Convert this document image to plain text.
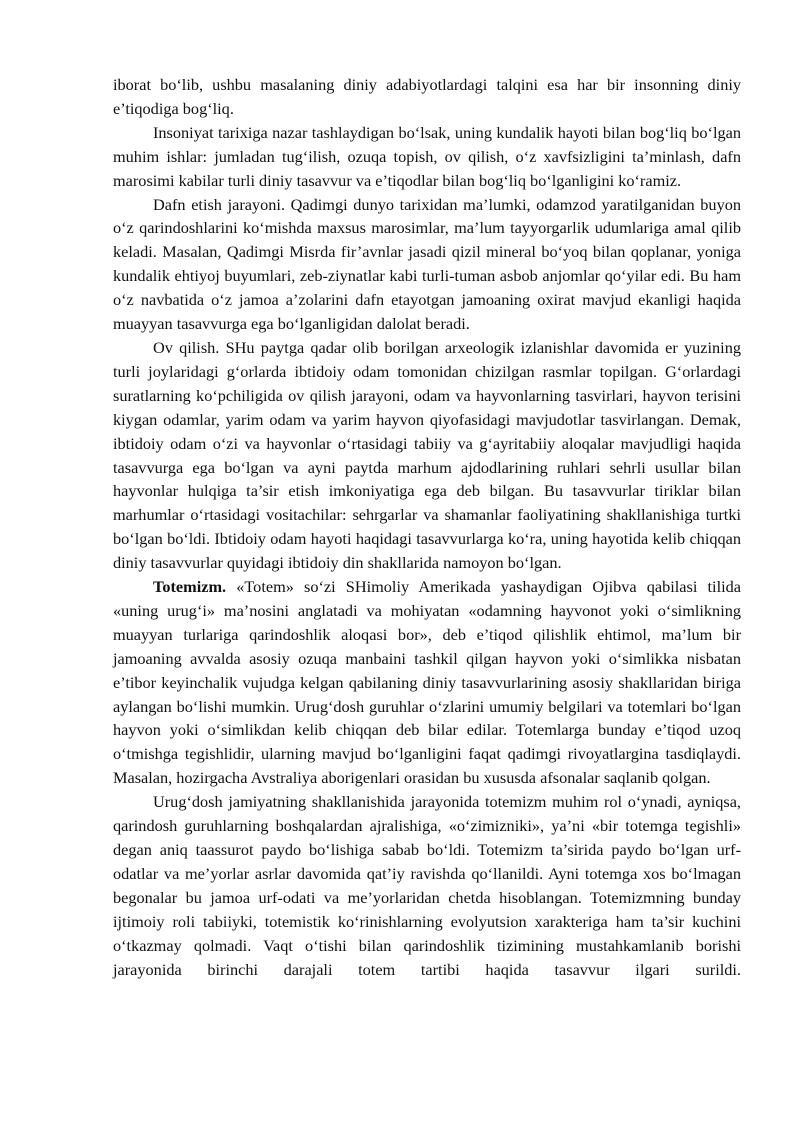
iborat bo‘lib, ushbu masalaning diniy adabiyotlardagi talqini esa har bir insonning diniy e’tiqodiga bog‘liq.

Insoniyat tarixiga nazar tashlaydigan bo‘lsak, uning kundalik hayoti bilan bog‘liq bo‘lgan muhim ishlar: jumladan tug‘ilish, ozuqa topish, ov qilish, o‘z xavfsizligini ta’minlash, dafn marosimi kabilar turli diniy tasavvur va e’tiqodlar bilan bog‘liq bo‘lganligini ko‘ramiz.

Dafn etish jarayoni. Qadimgi dunyo tarixidan ma’lumki, odamzod yaratilganidan buyon o‘z qarindoshlarini ko‘mishda maxsus marosimlar, ma’lum tayyorgarlik udumlariga amal qilib keladi. Masalan, Qadimgi Misrda fir’avnlar jasadi qizil mineral bo‘yoq bilan qoplanar, yoniga kundalik ehtiyoj buyumlari, zeb-ziynatlar kabi turli-tuman asbob anjomlar qo‘yilar edi. Bu ham o‘z navbatida o‘z jamoa a’zolarini dafn etayotgan jamoaning oxirat mavjud ekanligi haqida muayyan tasavvurga ega bo‘lganligidan dalolat beradi.

Ov qilish. SHu paytga qadar olib borilgan arxeologik izlanishlar davomida er yuzining turli joylaridagi g‘orlarda ibtidoiy odam tomonidan chizilgan rasmlar topilgan. G‘orlardagi suratlarning ko‘pchiligida ov qilish jarayoni, odam va hayvonlarning tasvirlari, hayvon terisini kiygan odamlar, yarim odam va yarim hayvon qiyofasidagi mavjudotlar tasvirlangan. Demak, ibtidoiy odam o‘zi va hayvonlar o‘rtasidagi tabiiy va g‘ayritabiiy aloqalar mavjudligi haqida tasavvurga ega bo‘lgan va ayni paytda marhum ajdodlarining ruhlari sehrli usullar bilan hayvonlar hulqiga ta’sir etish imkoniyatiga ega deb bilgan. Bu tasavvurlar tiriklar bilan marhumlar o‘rtasidagi vositachilar: sehrgarlar va shamanlar faoliyatining shakllanishiga turtki bo‘lgan bo‘ldi. Ibtidoiy odam hayoti haqidagi tasavvurlarga ko‘ra, uning hayotida kelib chiqqan diniy tasavvurlar quyidagi ibtidoiy din shakllarida namoyon bo‘lgan.

Totemizm. «Totem» so‘zi SHimoliy Amerikada yashaydigan Ojibva qabilasi tilida «uning urug‘i» ma’nosini anglatadi va mohiyatan «odamning hayvonot yoki o‘simlikning muayyan turlariga qarindoshlik aloqasi bor», deb e’tiqod qilishlik ehtimol, ma’lum bir jamoaning avvalda asosiy ozuqa manbaini tashkil qilgan hayvon yoki o‘simlikka nisbatan e’tibor keyinchalik vujudga kelgan qabilaning diniy tasavvurlarining asosiy shakllaridan biriga aylangan bo‘lishi mumkin. Urug‘dosh guruhlar o‘zlarini umumiy belgilari va totemlari bo‘lgan hayvon yoki o‘simlikdan kelib chiqqan deb bilar edilar. Totemlarga bunday e’tiqod uzoq o‘tmishga tegishlidir, ularning mavjud bo‘lganligini faqat qadimgi rivoyatlargina tasdiqlaydi. Masalan, hozirgacha Avstraliya aborigenlari orasidan bu xususda afsonalar saqlanib qolgan.

Urug‘dosh jamiyatning shakllanishida jarayonida totemizm muhim rol o‘ynadi, ayniqsa, qarindosh guruhlarning boshqalardan ajralishiga, «o‘zimizniki», ya’ni «bir totemga tegishli» degan aniq taassurot paydo bo‘lishiga sabab bo‘ldi. Totemizm ta’sirida paydo bo‘lgan urf-odatlar va me’yorlar asrlar davomida qat’iy ravishda qo‘llanildi. Ayni totemga xos bo‘lmagan begonalar bu jamoa urf-odati va me’yorlaridan chetda hisoblangan. Totemizmning bunday ijtimoiy roli tabiiyki, totemistik ko‘rinishlarning evolyutsion xarakteriga ham ta’sir kuchini o‘tkazmay qolmadi. Vaqt o‘tishi bilan qarindoshlik tizimining mustahkamlanib borishi jarayonida birinchi darajali totem tartibi haqida tasavvur ilgari surildi.
